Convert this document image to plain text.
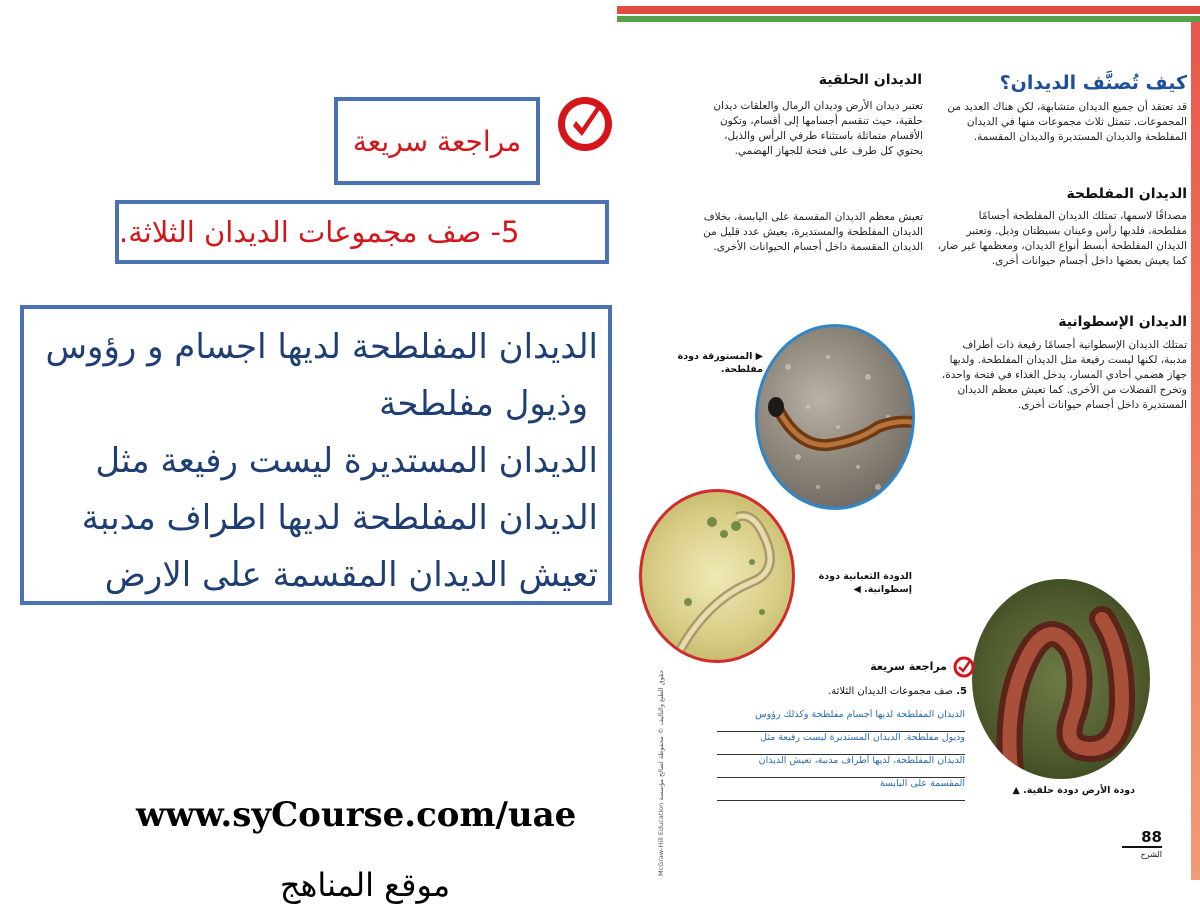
مراجعة سريعة
5- صف مجموعات الديدان الثلاثة.
الديدان المفلطحة لديها اجسام و رؤوس
وذيول مفلطحة
الديدان المستديرة ليست رفيعة مثل
الديدان المفلطحة لديها اطراف مدببة
تعيش الديدان المقسمة على الارض
www.syCourse.com/uae
موقع المناهج
كيف تُصنَّف الديدان؟
قد تعتقد أن جميع الديدان متشابهة، لكن هناك العديد من المجموعات. تتمثل ثلاث مجموعات منها في الديدان المفلطحة والديدان المستديرة والديدان المقسمة.
الديدان المفلطحة
مصداقًا لاسمها، تمتلك الديدان المفلطحة أجسامًا مفلطحة، فلديها رأس وعينان بسيطتان وذيل. وتعتبر الديدان المفلطحة أبسط أنواع الديدان، ومعظمها غير ضار، كما يعيش بعضها داخل أجسام حيوانات أخرى.
الديدان الإسطوانية
تمتلك الديدان الإسطوانية أجسامًا رفيعة ذات أطراف مدببة، لكنها ليست رفيعة مثل الديدان المفلطحة. ولديها جهاز هضمي أحادي المسار، يدخل الغذاء في فتحة واحدة، وتخرج الفضلات من الأخرى. كما تعيش معظم الديدان المستديرة داخل أجسام حيوانات أخرى.
الديدان الحلقية
تعتبر ديدان الأرض وديدان الرمال والعلقات ديدان حلقية، حيث تنقسم أجسامها إلى أقسام، وتكون الأقسام متماثلة باستثناء طرفي الرأس والذيل، يحتوي كل طرف على فتحة للجهاز الهضمي.
تعيش معظم الديدان المقسمة على اليابسة، بخلاف الديدان المفلطحة والمستديرة، يعيش عدد قليل من الديدان المقسمة داخل أجسام الحيوانات الأخرى.
▶ المستورقة دودة مفلطحة.
الدودة الثعبانية دودة إسطوانية. ◀
دودة الأرض دودة حلقية. ▲
مراجعة سريعة
5. صف مجموعات الديدان الثلاثة.
الديدان المفلطحة لديها أجسام مفلطحة وكذلك رؤوس
وذيول مفلطحة. الديدان المستديرة ليست رفيعة مثل
الديدان المفلطحة، لديها أطراف مدببة، تعيش الديدان
المقسمة على اليابسة
McGraw-Hill Education حقوق الطبع والتأليف © محفوظة لصالح مؤسسة
88
الشرح
